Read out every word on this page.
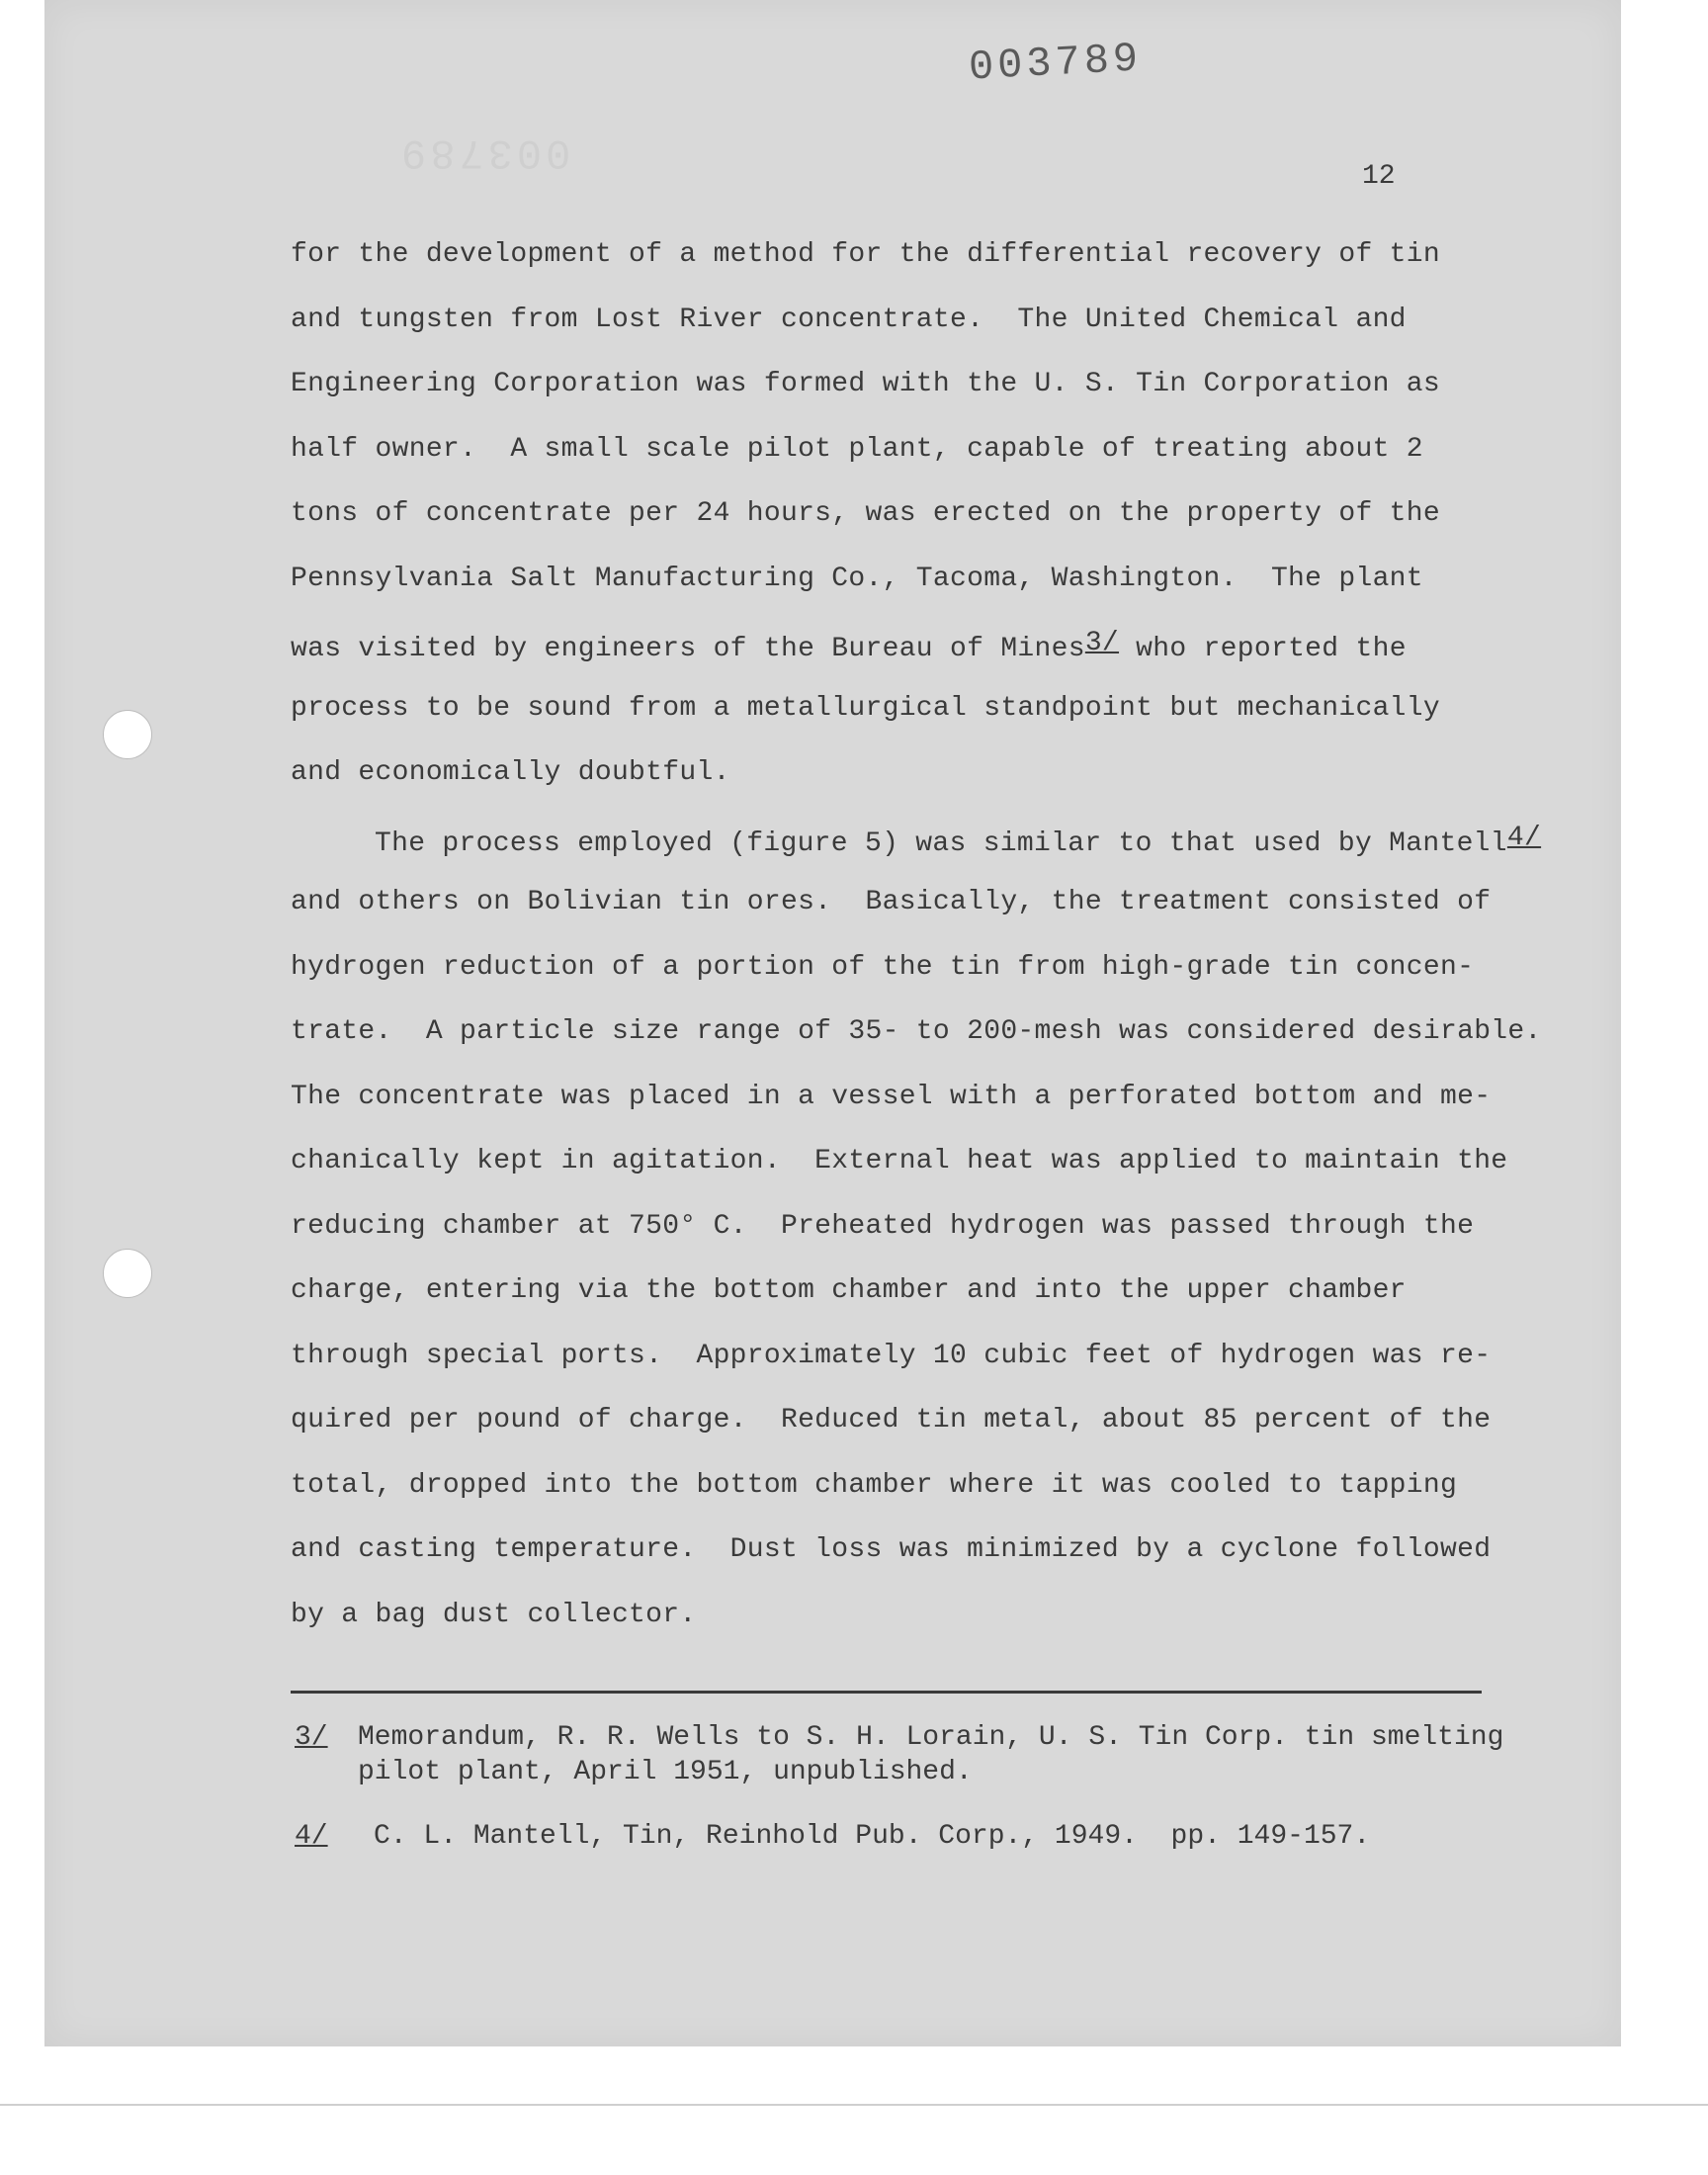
003789
003789
12
for the development of a method for the differential recovery of tin
and tungsten from Lost River concentrate.  The United Chemical and
Engineering Corporation was formed with the U. S. Tin Corporation as
half owner.  A small scale pilot plant, capable of treating about 2
tons of concentrate per 24 hours, was erected on the property of the
Pennsylvania Salt Manufacturing Co., Tacoma, Washington.  The plant
was visited by engineers of the Bureau of Mines3/ who reported the
process to be sound from a metallurgical standpoint but mechanically
and economically doubtful.
The process employed (figure 5) was similar to that used by Mantell4/
and others on Bolivian tin ores.  Basically, the treatment consisted of
hydrogen reduction of a portion of the tin from high-grade tin concen-
trate.  A particle size range of 35- to 200-mesh was considered desirable.
The concentrate was placed in a vessel with a perforated bottom and me-
chanically kept in agitation.  External heat was applied to maintain the
reducing chamber at 750° C.  Preheated hydrogen was passed through the
charge, entering via the bottom chamber and into the upper chamber
through special ports.  Approximately 10 cubic feet of hydrogen was re-
quired per pound of charge.  Reduced tin metal, about 85 percent of the
total, dropped into the bottom chamber where it was cooled to tapping
and casting temperature.  Dust loss was minimized by a cyclone followed
by a bag dust collector.
3/ Memorandum, R. R. Wells to S. H. Lorain, U. S. Tin Corp. tin smelting
pilot plant, April 1951, unpublished.
4/ C. L. Mantell, Tin, Reinhold Pub. Corp., 1949.  pp. 149-157.
